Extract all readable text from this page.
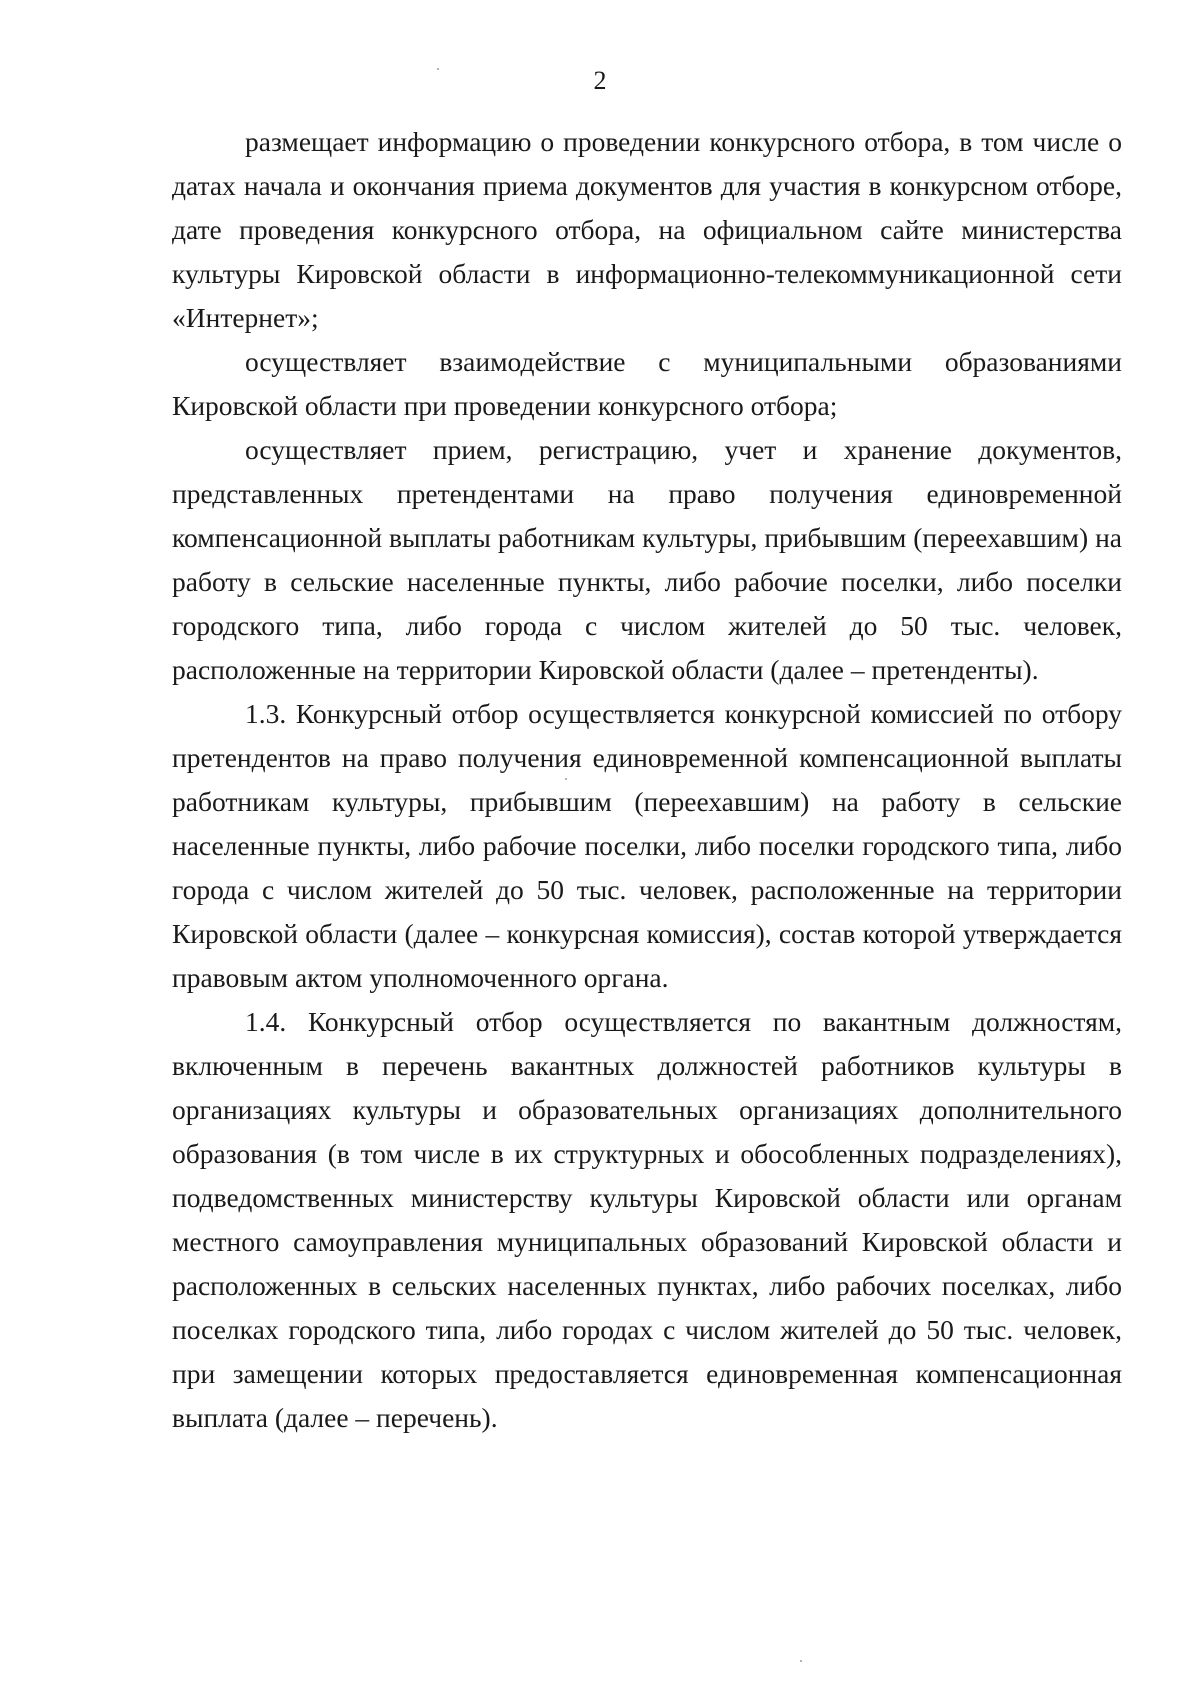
2

размещает информацию о проведении конкурсного отбора, в том числе о датах начала и окончания приема документов для участия в конкурсном отборе, дате проведения конкурсного отбора, на официальном сайте министерства культуры Кировской области в информационно-телекоммуникационной сети «Интернет»;

осуществляет взаимодействие с муниципальными образованиями Кировской области при проведении конкурсного отбора;

осуществляет прием, регистрацию, учет и хранение документов, представленных претендентами на право получения единовременной компенсационной выплаты работникам культуры, прибывшим (переехавшим) на работу в сельские населенные пункты, либо рабочие поселки, либо поселки городского типа, либо города с числом жителей до 50 тыс. человек, расположенные на территории Кировской области (далее – претенденты).

1.3. Конкурсный отбор осуществляется конкурсной комиссией по отбору претендентов на право получения единовременной компенсационной выплаты работникам культуры, прибывшим (переехавшим) на работу в сельские населенные пункты, либо рабочие поселки, либо поселки городского типа, либо города с числом жителей до 50 тыс. человек, расположенные на территории Кировской области (далее – конкурсная комиссия), состав которой утверждается правовым актом уполномоченного органа.

1.4. Конкурсный отбор осуществляется по вакантным должностям, включенным в перечень вакантных должностей работников культуры в организациях культуры и образовательных организациях дополнительного образования (в том числе в их структурных и обособленных подразделениях), подведомственных министерству культуры Кировской области или органам местного самоуправления муниципальных образований Кировской области и расположенных в сельских населенных пунктах, либо рабочих поселках, либо поселках городского типа, либо городах с числом жителей до 50 тыс. человек, при замещении которых предоставляется единовременная компенсационная выплата (далее – перечень).
